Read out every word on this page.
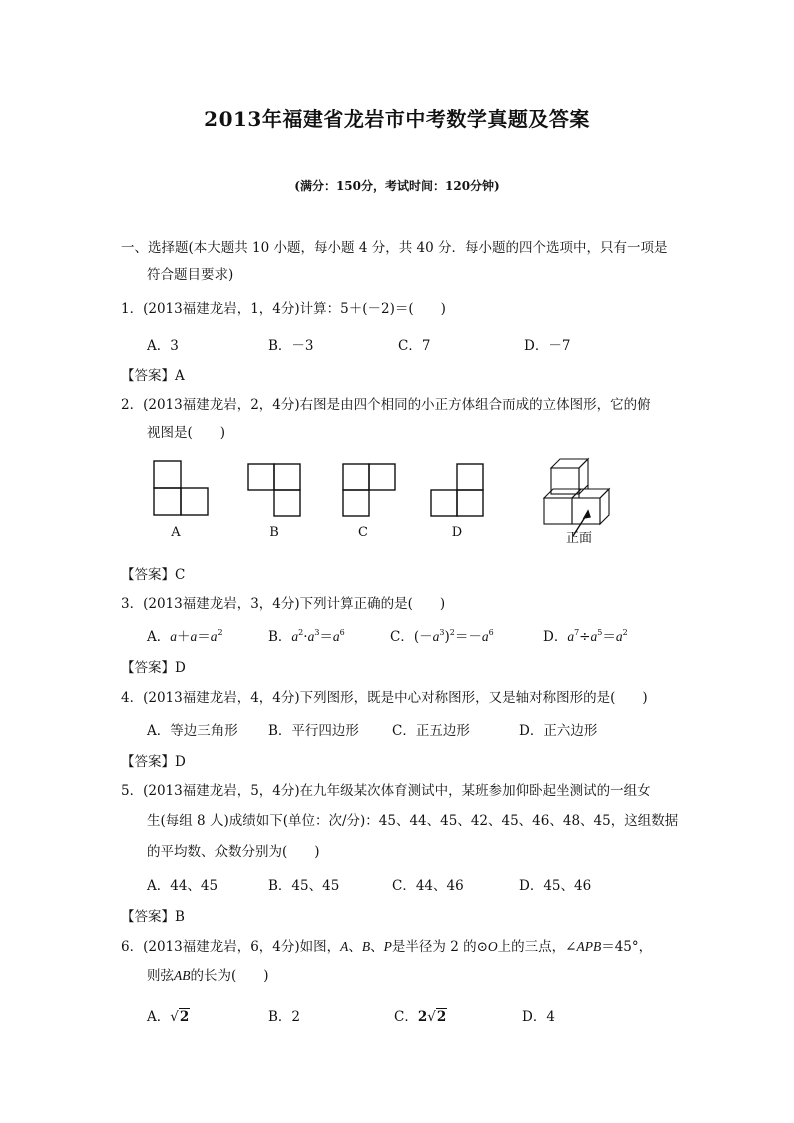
2013年福建省龙岩市中考数学真题及答案
(满分：150分，考试时间：120分钟)
一、选择题(本大题共 10 小题，每小题 4 分，共 40 分．每小题的四个选项中，只有一项是
符合题目要求)
1．(2013福建龙岩，1，4分)计算：5＋(－2)＝(　　)
A．3	B．－3	C．7	D．－7
【答案】A
2．(2013福建龙岩，2，4分)右图是由四个相同的小正方体组合而成的立体图形，它的俯
视图是(　　)
A	B	C	D	正面
【答案】C
3．(2013福建龙岩，3，4分)下列计算正确的是(　　)
A．$a+a=a^2$	B．$a^2\cdot a^3=a^6$	C．$(-a^3)^2=-a^6$	D．$a^7\div a^5=a^2$
【答案】D
4．(2013福建龙岩，4，4分)下列图形，既是中心对称图形，又是轴对称图形的是(　　)
A．等边三角形 B．平行四边形 C．正五边形	D．正六边形
【答案】D
5．(2013福建龙岩，5，4分)在九年级某次体育测试中，某班参加仰卧起坐测试的一组女
生(每组 8 人)成绩如下(单位：次/分)：45、44、45、42、45、46、48、45，这组数据
的平均数、众数分别为(　　)
A．44、45	B．45、45	C．44、46	D．45、46
【答案】B
6．(2013福建龙岩，6，4分)如图，A、B、P是半径为 2 的⊙O上的三点，∠APB＝45°，
则弦AB的长为(　　)
A．√2	B．2	C．2√2	D．4
